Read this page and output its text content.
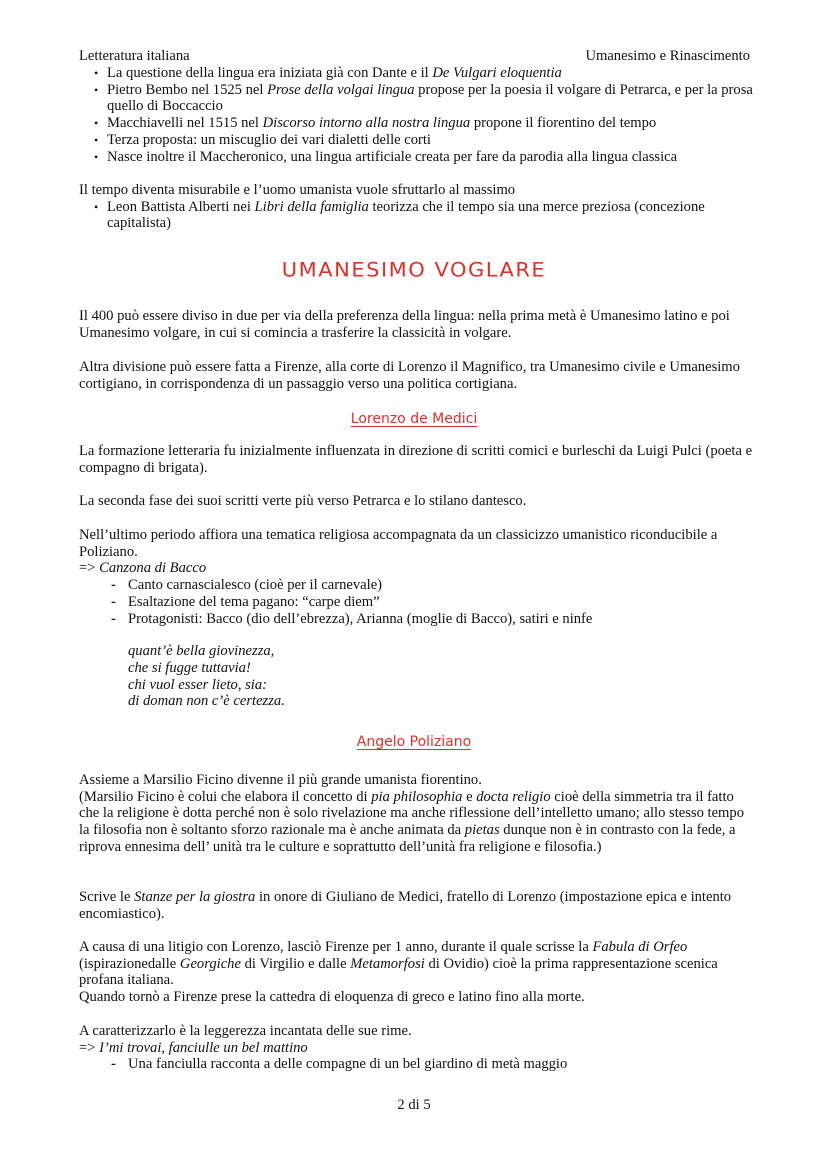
Letteratura italiana	Umanesimo e Rinascimento
• La questione della lingua era iniziata già con Dante e il De Vulgari eloquentia
• Pietro Bembo nel 1525 nel Prose della volgai lingua propose per la poesia il volgare di Petrarca, e per la prosa quello di Boccaccio
• Macchiavelli nel 1515 nel Discorso intorno alla nostra lingua propone il fiorentino del tempo
• Terza proposta: un miscuglio dei vari dialetti delle corti
• Nasce inoltre il Maccheronico, una lingua artificiale creata per fare da parodia alla lingua classica
Il tempo diventa misurabile e l’uomo umanista vuole sfruttarlo al massimo
• Leon Battista Alberti nei Libri della famiglia teorizza che il tempo sia una merce preziosa (concezione capitalista)
UMANESIMO VOGLARE
Il 400 può essere diviso in due per via della preferenza della lingua: nella prima metà è Umanesimo latino e poi Umanesimo volgare, in cui si comincia a trasferire la classicità in volgare.
Altra divisione può essere fatta a Firenze, alla corte di Lorenzo il Magnifico, tra Umanesimo civile e Umanesimo cortigiano, in corrispondenza di un passaggio verso una politica cortigiana.
Lorenzo de Medici
La formazione letteraria fu inizialmente influenzata in direzione di scritti comici e burleschi da Luigi Pulci (poeta e compagno di brigata).
La seconda fase dei suoi scritti verte più verso Petrarca e lo stilano dantesco.
Nell’ultimo periodo affiora una tematica religiosa accompagnata da un classicizzo umanistico riconducibile a Poliziano.
=> Canzona di Bacco
- Canto carnascialesco (cioè per il carnevale)
- Esaltazione del tema pagano: “carpe diem”
- Protagonisti: Bacco (dio dell’ebrezza), Arianna (moglie di Bacco), satiri e ninfe
quant’è bella giovinezza,
che si fugge tuttavia!
chi vuol esser lieto, sia:
di doman non c’è certezza.
Angelo Poliziano
Assieme a Marsilio Ficino divenne il più grande umanista fiorentino.
(Marsilio Ficino è colui che elabora il concetto di pia philosophia e docta religio cioè della simmetria tra il fatto che la religione è dotta perché non è solo rivelazione ma anche riflessione dell’intelletto umano; allo stesso tempo la filosofia non è soltanto sforzo razionale ma è anche animata da pietas dunque non è in contrasto con la fede, a riprova ennesima dell’ unità tra le culture e soprattutto dell’unità fra religione e filosofia.)
Scrive le Stanze per la giostra in onore di Giuliano de Medici, fratello di Lorenzo (impostazione epica e intento encomiastico).
A causa di una litigio con Lorenzo, lasciò Firenze per 1 anno, durante il quale scrisse la Fabula di Orfeo (ispirazionedalle Georgiche di Virgilio e dalle Metamorfosi di Ovidio) cioè la prima rappresentazione scenica profana italiana.
Quando tornò a Firenze prese la cattedra di eloquenza di greco e latino fino alla morte.
A caratterizzarlo è la leggerezza incantata delle sue rime.
=> I’mi trovai, fanciulle un bel mattino
- Una fanciulla racconta a delle compagne di un bel giardino di metà maggio
2 di 5
